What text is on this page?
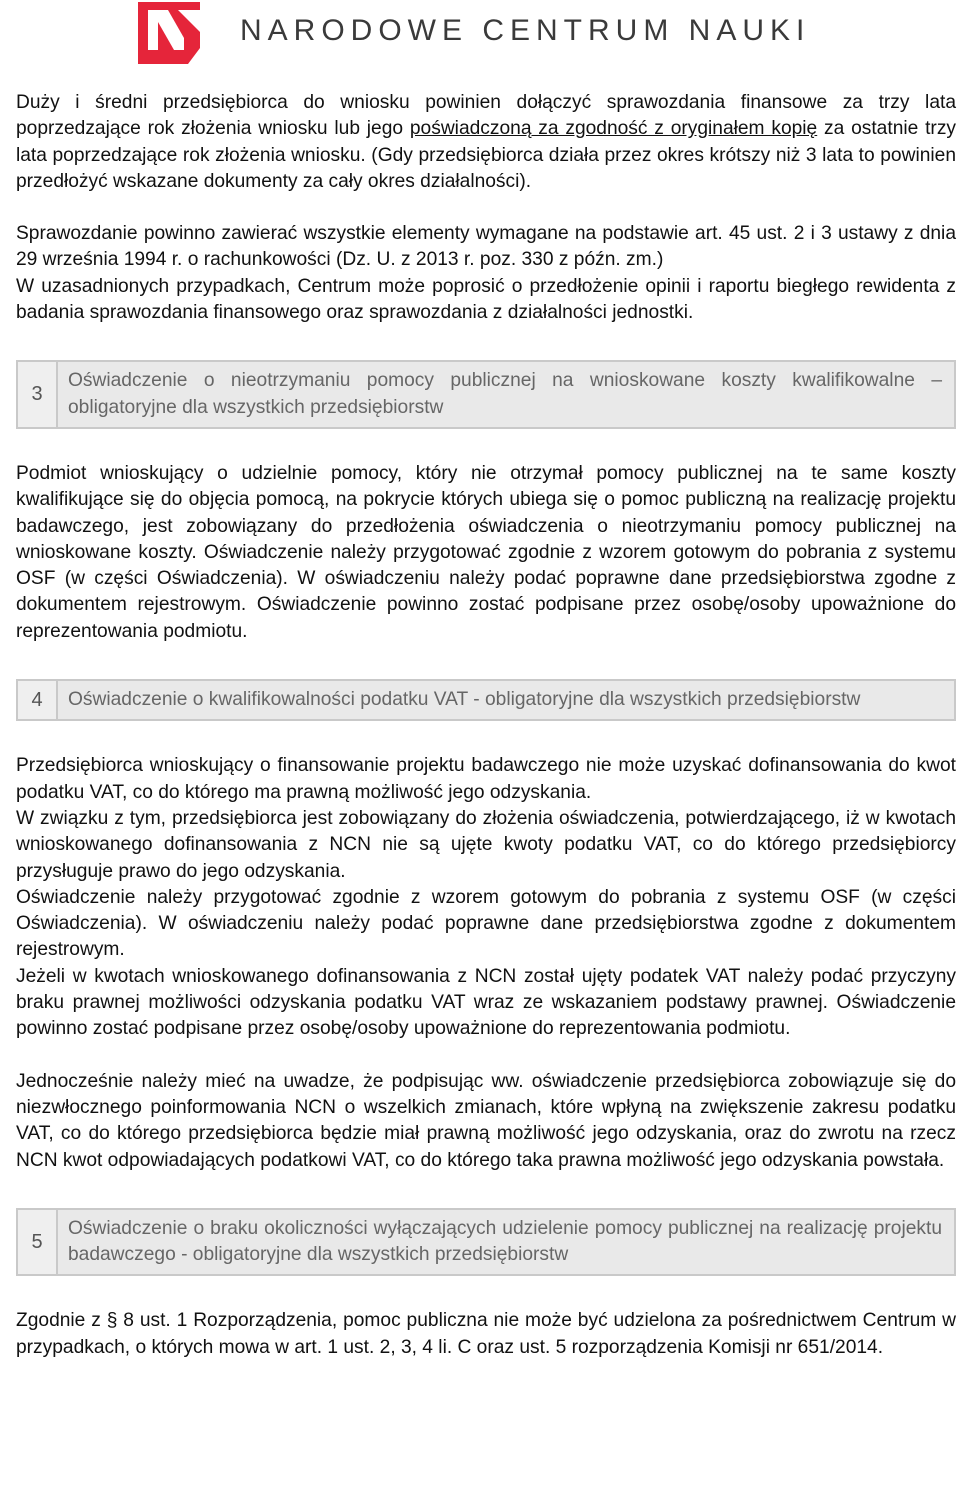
NARODOWE CENTRUM NAUKI

Duży i średni przedsiębiorca do wniosku powinien dołączyć sprawozdania finansowe za trzy lata poprzedzające rok złożenia wniosku lub jego poświadczoną za zgodność z oryginałem kopię za ostatnie trzy lata poprzedzające rok złożenia wniosku. (Gdy przedsiębiorca działa przez okres krótszy niż 3 lata to powinien przedłożyć wskazane dokumenty za cały okres działalności).

Sprawozdanie powinno zawierać wszystkie elementy wymagane na podstawie art. 45 ust. 2 i 3 ustawy z dnia 29 września 1994 r. o rachunkowości (Dz. U. z 2013 r. poz. 330 z późn. zm.)

W uzasadnionych przypadkach, Centrum może poprosić o przedłożenie opinii i raportu biegłego rewidenta z badania sprawozdania finansowego oraz sprawozdania z działalności jednostki.

3
Oświadczenie o nieotrzymaniu pomocy publicznej na wnioskowane koszty kwalifikowalne – obligatoryjne dla wszystkich przedsiębiorstw

Podmiot wnioskujący o udzielnie pomocy, który nie otrzymał pomocy publicznej na te same koszty kwalifikujące się do objęcia pomocą, na pokrycie których ubiega się o pomoc publiczną na realizację projektu badawczego, jest zobowiązany do przedłożenia oświadczenia o nieotrzymaniu pomocy publicznej na wnioskowane koszty. Oświadczenie należy przygotować zgodnie z wzorem gotowym do pobrania z systemu OSF (w części Oświadczenia). W oświadczeniu należy podać poprawne dane przedsiębiorstwa zgodne z dokumentem rejestrowym. Oświadczenie powinno zostać podpisane przez osobę/osoby upoważnione do reprezentowania podmiotu.

4	Oświadczenie o kwalifikowalności podatku VAT - obligatoryjne dla wszystkich przedsiębiorstw

Przedsiębiorca wnioskujący o finansowanie projektu badawczego nie może uzyskać dofinansowania do kwot podatku VAT, co do którego ma prawną możliwość jego odzyskania.

W związku z tym, przedsiębiorca jest zobowiązany do złożenia oświadczenia, potwierdzającego, iż w kwotach wnioskowanego dofinansowania z NCN nie są ujęte kwoty podatku VAT, co do którego przedsiębiorcy przysługuje prawo do jego odzyskania.

Oświadczenie należy przygotować zgodnie z wzorem gotowym do pobrania z systemu OSF (w części Oświadczenia). W oświadczeniu należy podać poprawne dane przedsiębiorstwa zgodne z dokumentem rejestrowym.

Jeżeli w kwotach wnioskowanego dofinansowania z NCN został ujęty podatek VAT należy podać przyczyny braku prawnej możliwości odzyskania podatku VAT wraz ze wskazaniem podstawy prawnej. Oświadczenie powinno zostać podpisane przez osobę/osoby upoważnione do reprezentowania podmiotu.

Jednocześnie należy mieć na uwadze, że podpisując ww. oświadczenie przedsiębiorca zobowiązuje się do niezwłocznego poinformowania NCN o wszelkich zmianach, które wpłyną na zwiększenie zakresu podatku VAT, co do którego przedsiębiorca będzie miał prawną możliwość jego odzyskania, oraz do zwrotu na rzecz NCN kwot odpowiadających podatkowi VAT, co do którego taka prawna możliwość jego odzyskania powstała.

5
Oświadczenie o braku okoliczności wyłączających udzielenie pomocy publicznej na realizację projektu badawczego - obligatoryjne dla wszystkich przedsiębiorstw

Zgodnie z § 8 ust. 1 Rozporządzenia, pomoc publiczna nie może być udzielona za pośrednictwem Centrum w przypadkach, o których mowa w art. 1 ust. 2, 3, 4 li. C oraz ust. 5 rozporządzenia Komisji nr 651/2014.
